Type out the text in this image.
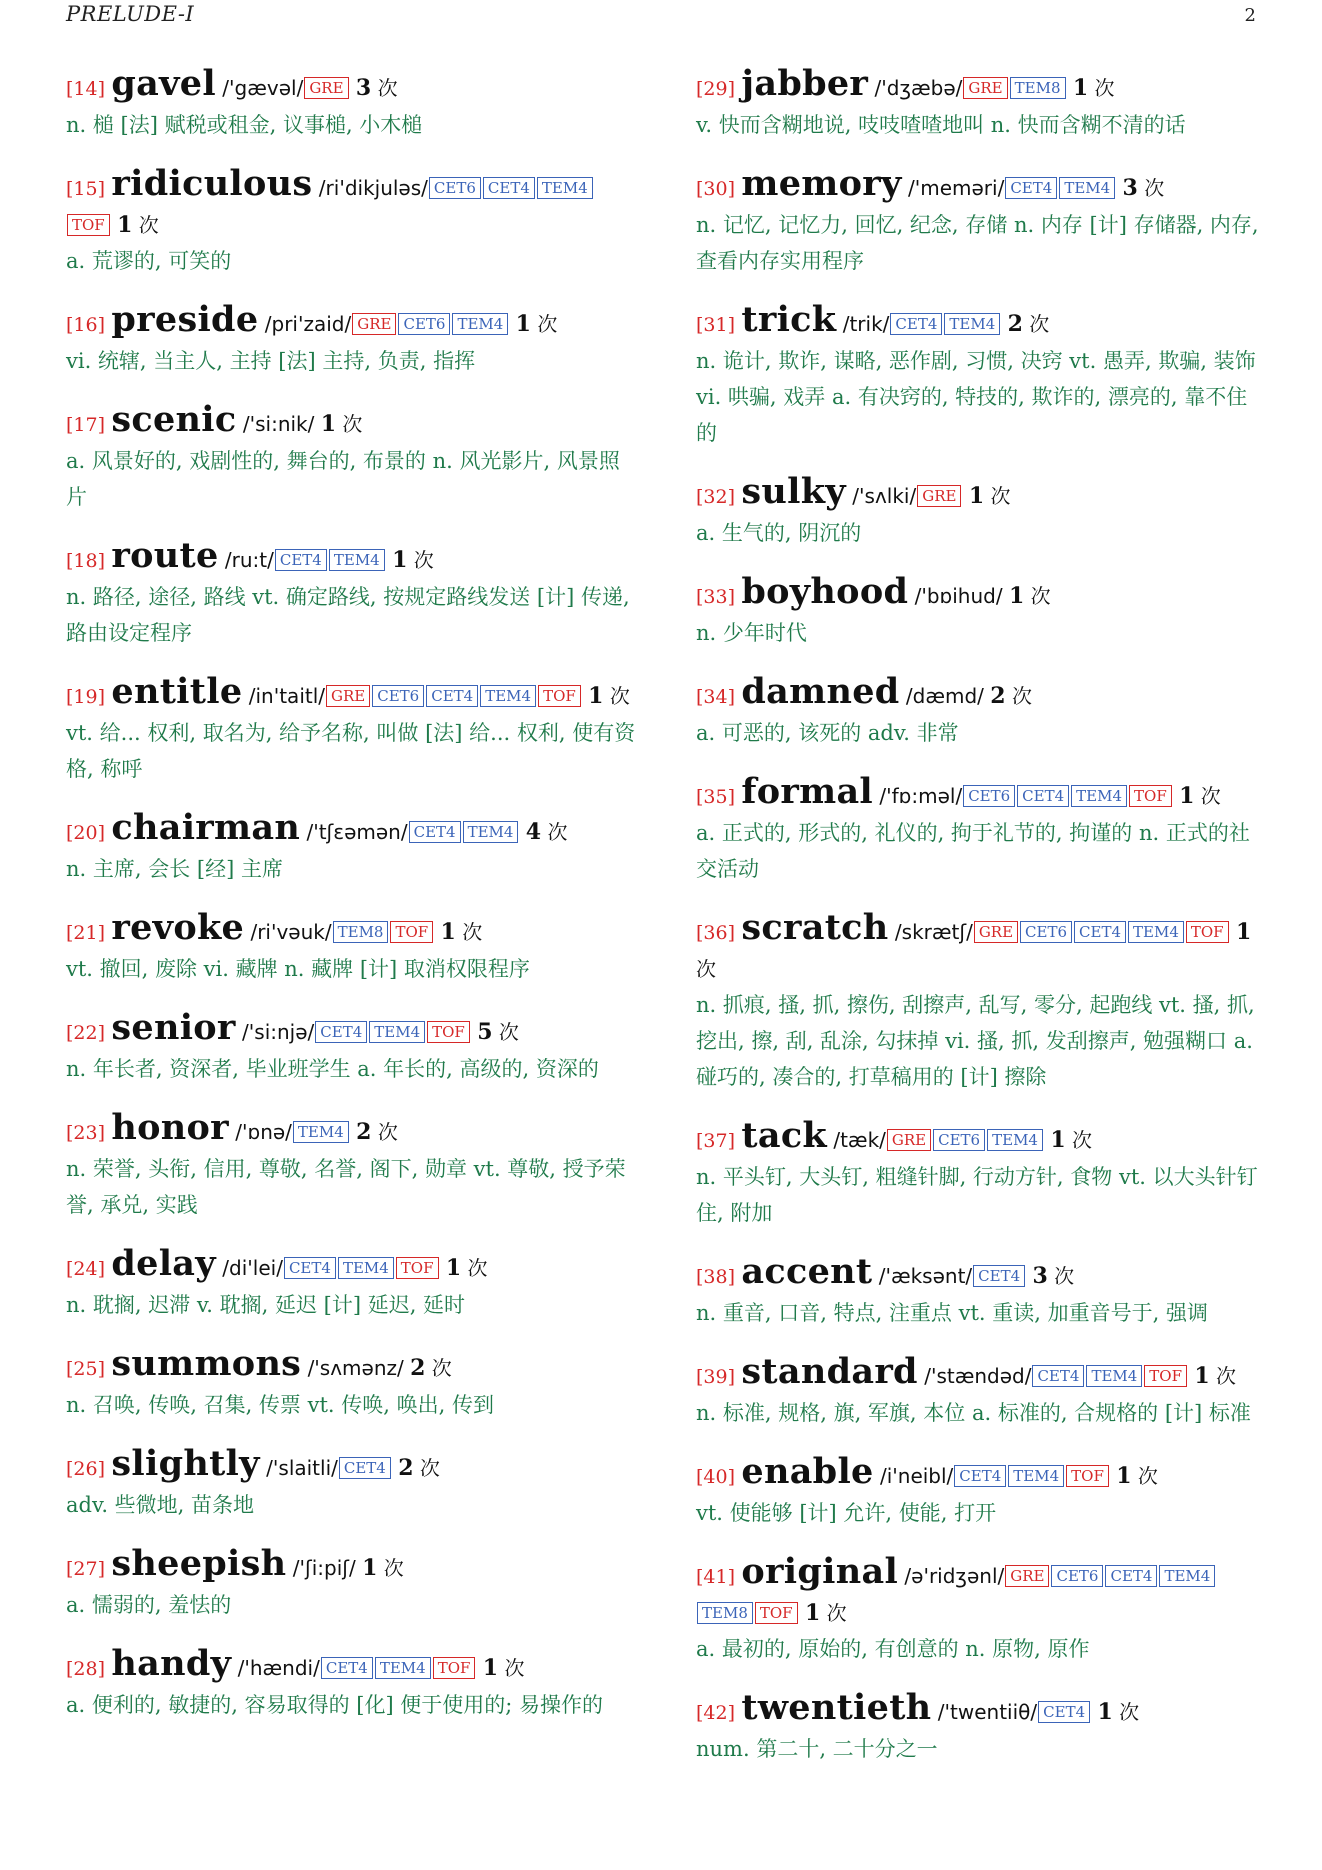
PRELUDE-I	2
[14] gavel /'gævəl/ GRE 3 次
n. 槌 [法] 赋税或租金, 议事槌, 小木槌
[15] ridiculous /ri'dikjuləs/ CET6 CET4 TEM4TOF 1 次
a. 荒谬的, 可笑的
[16] preside /pri'zaid/ GRE CET6 TEM4 1 次
vi. 统辖, 当主人, 主持 [法] 主持, 负责, 指挥
[17] scenic /'si:nik/ 1 次
a. 风景好的, 戏剧性的, 舞台的, 布景的 n. 风光影片, 风景照片
[18] route /ru:t/ CET4 TEM4 1 次
n. 路径, 途径, 路线 vt. 确定路线, 按规定路线发送 [计] 传递, 路由设定程序
[19] entitle /in'taitl/ GRE CET6 CET4 TEM4 TOF 1 次
vt. 给... 权利, 取名为, 给予名称, 叫做 [法] 给... 权利, 使有资格, 称呼
[20] chairman /'tʃɛəmən/ CET4 TEM4 4 次
n. 主席, 会长 [经] 主席
[21] revoke /ri'vəuk/ TEM8 TOF 1 次
vt. 撤回, 废除 vi. 藏牌 n. 藏牌 [计] 取消权限程序
[22] senior /'si:njə/ CET4 TEM4 TOF 5 次
n. 年长者, 资深者, 毕业班学生 a. 年长的, 高级的, 资深的
[23] honor /'ɒnə/ TEM4 2 次
n. 荣誉, 头衔, 信用, 尊敬, 名誉, 阁下, 勋章 vt. 尊敬, 授予荣誉, 承兑, 实践
[24] delay /di'lei/ CET4 TEM4 TOF 1 次
n. 耽搁, 迟滞 v. 耽搁, 延迟 [计] 延迟, 延时
[25] summons /'sʌmənz/ 2 次
n. 召唤, 传唤, 召集, 传票 vt. 传唤, 唤出, 传到
[26] slightly /'slaitli/ CET4 2 次
adv. 些微地, 苗条地
[27] sheepish /'ʃi:piʃ/ 1 次
a. 懦弱的, 羞怯的
[28] handy /'hændi/ CET4 TEM4 TOF 1 次
a. 便利的, 敏捷的, 容易取得的 [化] 便于使用的; 易操作的
[29] jabber /'dʒæbə/ GRE TEM8 1 次
v. 快而含糊地说, 吱吱喳喳地叫 n. 快而含糊不清的话
[30] memory /'meməri/ CET4 TEM4 3 次
n. 记忆, 记忆力, 回忆, 纪念, 存储 n. 内存 [计] 存储器, 内存, 查看内存实用程序
[31] trick /trik/ CET4 TEM4 2 次
n. 诡计, 欺诈, 谋略, 恶作剧, 习惯, 决窍 vt. 愚弄, 欺骗, 装饰 vi. 哄骗, 戏弄 a. 有决窍的, 特技的, 欺诈的, 漂亮的, 靠不住的
[32] sulky /'sʌlki/ GRE 1 次
a. 生气的, 阴沉的
[33] boyhood /'bɒihud/ 1 次
n. 少年时代
[34] damned /dæmd/ 2 次
a. 可恶的, 该死的 adv. 非常
[35] formal /'fɒ:məl/ CET6 CET4 TEM4 TOF 1 次
a. 正式的, 形式的, 礼仪的, 拘于礼节的, 拘谨的 n. 正式的社交活动
[36] scratch /skrætʃ/ GRE CET6 CET4 TEM4 TOF 1 次
n. 抓痕, 搔, 抓, 擦伤, 刮擦声, 乱写, 零分, 起跑线 vt. 搔, 抓, 挖出, 擦, 刮, 乱涂, 勾抹掉 vi. 搔, 抓, 发刮擦声, 勉强糊口 a. 碰巧的, 凑合的, 打草稿用的 [计] 擦除
[37] tack /tæk/ GRE CET6 TEM4 1 次
n. 平头钉, 大头钉, 粗缝针脚, 行动方针, 食物 vt. 以大头针钉住, 附加
[38] accent /'æksənt/ CET4 3 次
n. 重音, 口音, 特点, 注重点 vt. 重读, 加重音号于, 强调
[39] standard /'stændəd/ CET4 TEM4 TOF 1 次
n. 标准, 规格, 旗, 军旗, 本位 a. 标准的, 合规格的 [计] 标准
[40] enable /i'neibl/ CET4 TEM4 TOF 1 次
vt. 使能够 [计] 允许, 使能, 打开
[41] original /ə'ridʒənl/ GRE CET6 CET4 TEM4TEM8 TOF 1 次
a. 最初的, 原始的, 有创意的 n. 原物, 原作
[42] twentieth /'twentiiθ/ CET4 1 次
num. 第二十, 二十分之一
